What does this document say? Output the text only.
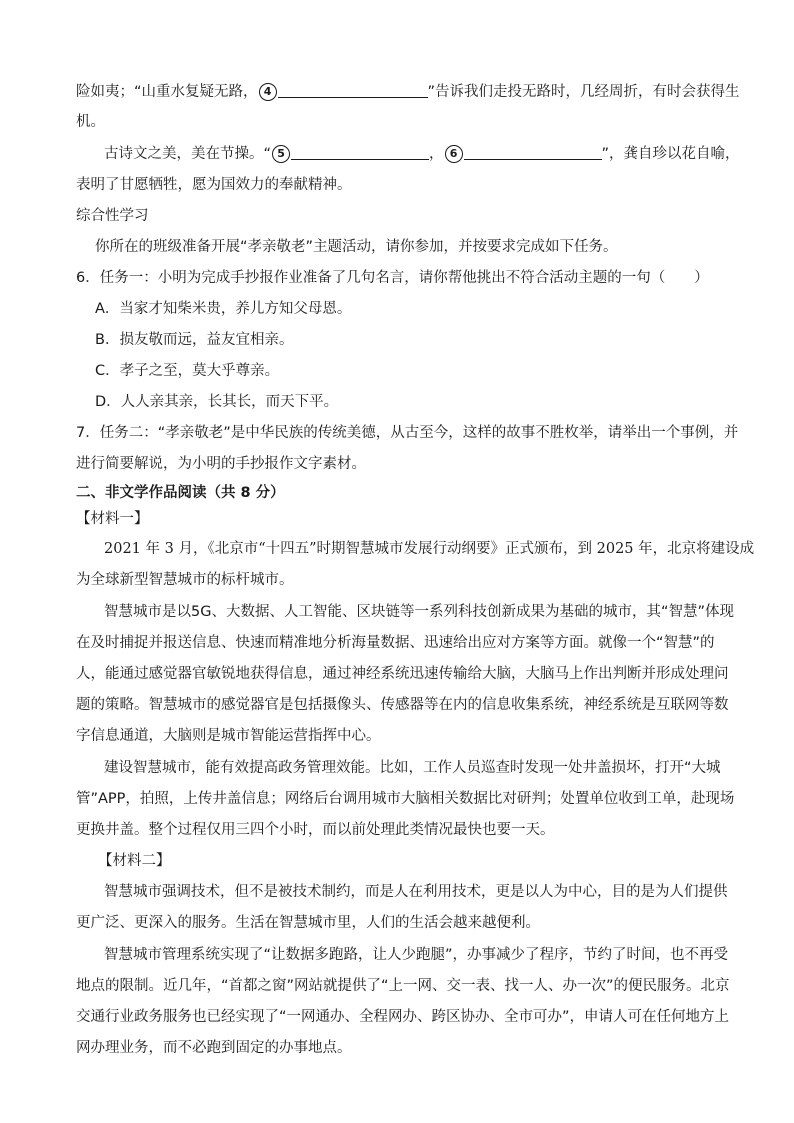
险如夷；“山重水复疑无路， 4	”告诉我们走投无路时，几经周折，有时会获得生
机。
古诗文之美，美在节操。“ 5	， 6	”，龚自珍以花自喻，
表明了甘愿牺牲，愿为国效力的奉献精神。
综合性学习
你所在的班级准备开展“孝亲敬老”主题活动，请你参加，并按要求完成如下任务。
6．任务一：小明为完成手抄报作业准备了几句名言，请你帮他挑出不符合活动主题的一句（　　）
A．当家才知柴米贵，养儿方知父母恩。
B．损友敬而远，益友宜相亲。
C．孝子之至，莫大乎尊亲。
D．人人亲其亲，长其长，而天下平。
7．任务二：“孝亲敬老”是中华民族的传统美德，从古至今，这样的故事不胜枚举，请举出一个事例，并
进行简要解说，为小明的手抄报作文字素材。
二、非文学作品阅读（共 8 分）
【材料一】
2021 年 3 月，《北京市“十四五”时期智慧城市发展行动纲要》正式颁布，到 2025 年，北京将建设成
为全球新型智慧城市的标杆城市。
智慧城市是以5G、大数据、人工智能、区块链等一系列科技创新成果为基础的城市，其“智慧”体现
在及时捕捉并报送信息、快速而精准地分析海量数据、迅速给出应对方案等方面。就像一个“智慧”的
人，能通过感觉器官敏锐地获得信息，通过神经系统迅速传输给大脑，大脑马上作出判断并形成处理问
题的策略。智慧城市的感觉器官是包括摄像头、传感器等在内的信息收集系统，神经系统是互联网等数
字信息通道，大脑则是城市智能运营指挥中心。
建设智慧城市，能有效提高政务管理效能。比如，工作人员巡查时发现一处井盖损坏，打开“大城
管”APP，拍照，上传井盖信息；网络后台调用城市大脑相关数据比对研判；处置单位收到工单，赴现场
更换井盖。整个过程仅用三四个小时，而以前处理此类情况最快也要一天。
【材料二】
智慧城市强调技术，但不是被技术制约，而是人在利用技术，更是以人为中心，目的是为人们提供
更广泛、更深入的服务。生活在智慧城市里，人们的生活会越来越便利。
智慧城市管理系统实现了“让数据多跑路，让人少跑腿”，办事减少了程序，节约了时间，也不再受
地点的限制。近几年，“首都之窗”网站就提供了“上一网、交一表、找一人、办一次”的便民服务。北京
交通行业政务服务也已经实现了“一网通办、全程网办、跨区协办、全市可办”，申请人可在任何地方上
网办理业务，而不必跑到固定的办事地点。
